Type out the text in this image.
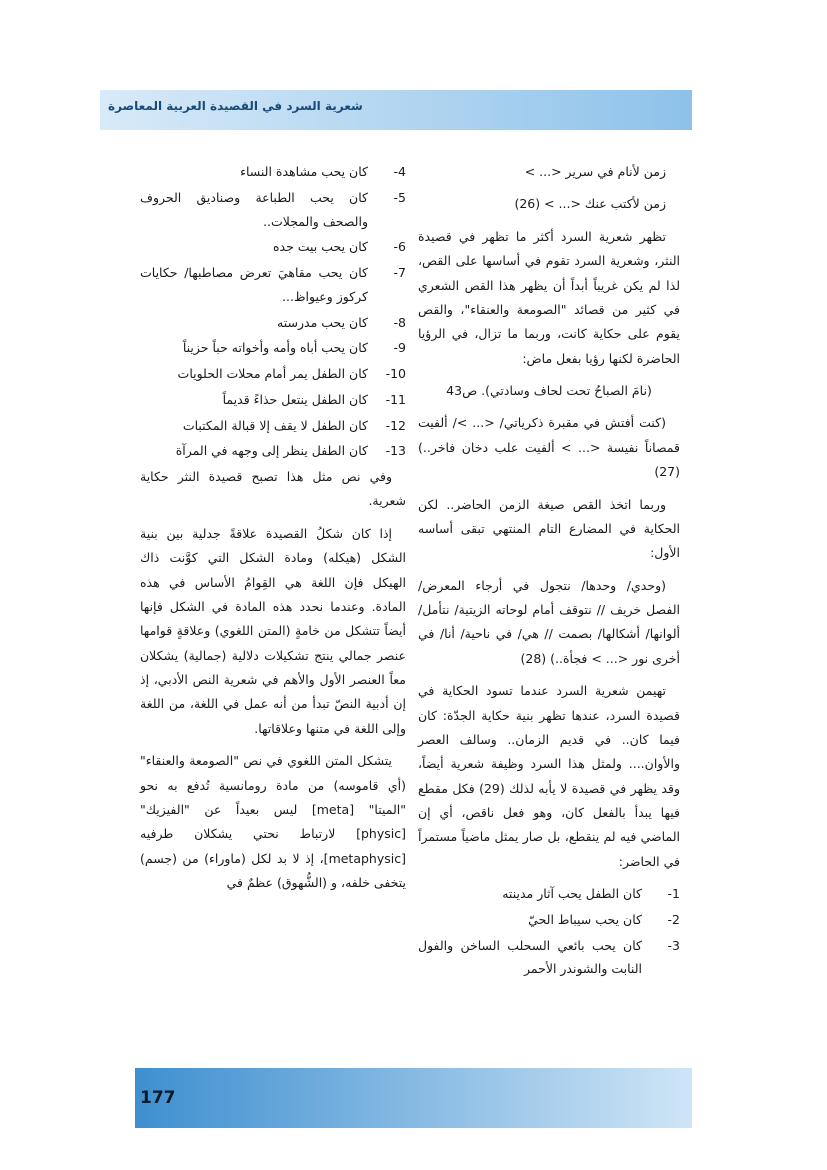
شعرية السرد في القصيدة العربية المعاصرة

زمن لأنام في سرير <... >

زمن لأكتب عنك <... > (26)

تظهر شعرية السرد أكثر ما تظهر في قصيدة النثر، وشعرية السرد تقوم في أساسها على القص، لذا لم يكن غريباً أبداً أن يظهر هذا القص الشعري في كثير من قصائد "الصومعة والعنقاء"، والقص يقوم على حكاية كانت، وربما ما تزال، في الرؤيا الحاضرة لكنها رؤيا بفعل ماض:

(نامَ الصباحُ تحت لحاف وسادتي). ص43

(كنت أفتش في مقبرة ذكرياتي/ <... >/ ألفيت قمصاناً نفيسة <... > ألفيت علب دخان فاخر..)(27)

وربما اتخذ القص صيغة الزمن الحاضر.. لكن الحكاية في المضارع التام المنتهي تبقى أساسه الأول:

(وحدي/ وحدها/ نتجول في أرجاء المعرض/ الفصل خريف // نتوقف أمام لوحاته الزيتية/ نتأمل/ ألوانها/ أشكالها/ بصمت // هي/ في ناحية/ أنا/ في أخرى نور <... > فجأة..) (28)

تهيمن شعرية السرد عندما تسود الحكاية في قصيدة السرد، عندها تظهر بنية حكاية الجدّة: كان فيما كان.. في قديم الزمان.. وسالف العصر والأوان.... ولمثل هذا السرد وظيفة شعرية أيضاً، وقد يظهر في قصيدة لا يأبه لذلك (29) فكل مقطع فيها يبدأ بالفعل كان، وهو فعل ناقص، أي إن الماضي فيه لم ينقطع، بل صار يمثل ماضياً مستمراً في الحاضر:

1-
كان الطفل يحب آثار مدينته
2-
كان يحب سيباط الحيّ
3-
كان يحب بائعي السحلب الساخن والفول النابت والشوندر الأحمر
4-
كان يحب مشاهدة النساء
5-
كان يحب الطباعة وصناديق الحروف والصحف والمجلات..
6-
كان يحب بيت جده
7-
كان يحب مقاهيَ تعرض مصاطبها/ حكايات كركوز وعيواظ...
8-
كان يحب مدرسته
9-
كان يحب أباه وأمه وأخواته حباً حزيناً
10-
كان الطفل يمر أمام محلات الحلويات
11-
كان الطفل ينتعل حذاءً قديماً
12-
كان الطفل لا يقف إلا قبالة المكتبات
13-
كان الطفل ينظر إلى وجهه في المرآة

وفي نص مثل هذا تصبح قصيدة النثر حكاية شعرية.

إذا كان شكلُ القصيدة علاقةً جدلية بين بنية الشكل (هيكله) ومادة الشكل التي كوَّنت ذاك الهيكل فإن اللغة هي القِوامُ الأساس في هذه المادة. وعندما نحدد هذه المادة في الشكل فإنها أيضاً تتشكل من خامةٍ (المتن اللغوي) وعلاقةٍ قوامها عنصر جمالي ينتج تشكيلات دلالية (جمالية) يشكلان معاً العنصر الأول والأهم في شعرية النص الأدبي، إذ إن أدبية النصّ تبدأ من أنه عمل في اللغة، من اللغة وإلى اللغة في متنها وعلاقاتها.

يتشكل المتن اللغوي في نص "الصومعة والعنقاء" (أي قاموسه) من مادة رومانسية تُدفع به نحو "الميتا" [meta] ليس بعيداً عن "الفيزيك" [physic] لارتباط نحتي يشكلان طرفيه [metaphysic]، إذ لا بد لكل (ماوراء) من (جسم) يتخفى خلفه، و (الشُّهوق) عظمٌ في

177
